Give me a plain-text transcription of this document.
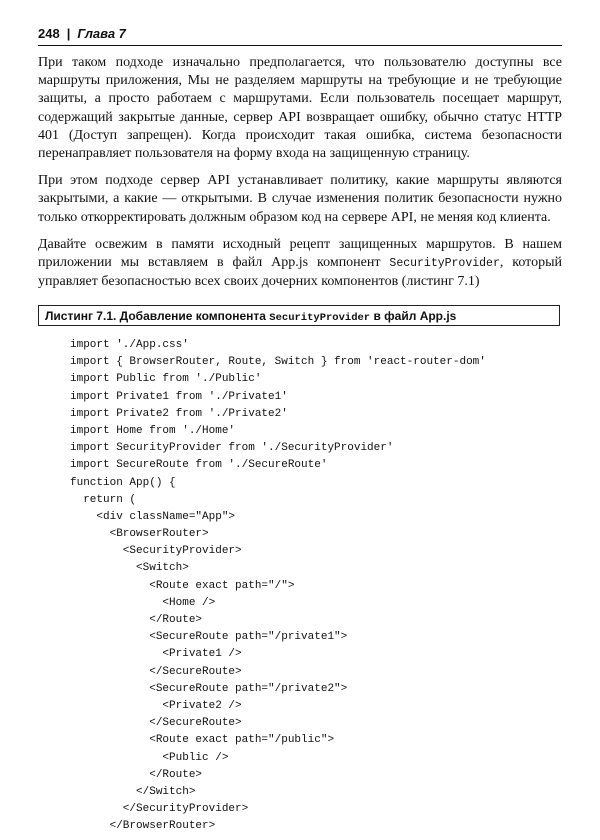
248 | Глава 7

При таком подходе изначально предполагается, что пользователю доступны все маршруты приложения, Мы не разделяем маршруты на требующие и не требующие защиты, а просто работаем с маршрутами. Если пользователь посещает маршрут, содержащий закрытые данные, сервер API возвращает ошибку, обычно статус HTTP 401 (Доступ запрещен). Когда происходит такая ошибка, система безопасности перенаправляет пользователя на форму входа на защищенную страницу.

При этом подходе сервер API устанавливает политику, какие маршруты являются закрытыми, а какие — открытыми. В случае изменения политик безопасности нужно только откорректировать должным образом код на сервере API, не меняя код клиента.

Давайте освежим в памяти исходный рецепт защищенных маршрутов. В нашем приложении мы вставляем в файл App.js компонент SecurityProvider, который управляет безопасностью всех своих дочерних компонентов (листинг 7.1)

Листинг 7.1. Добавление компонента SecurityProvider в файл App.js
import './App.css'
import { BrowserRouter, Route, Switch } from 'react-router-dom'
import Public from './Public'
import Private1 from './Private1'
import Private2 from './Private2'
import Home from './Home'
import SecurityProvider from './SecurityProvider'
import SecureRoute from './SecureRoute'
function App() {
return (
<div className="App">
<BrowserRouter>
<SecurityProvider>
<Switch>
<Route exact path="/">
<Home />
</Route>
<SecureRoute path="/private1">
<Private1 />
</SecureRoute>
<SecureRoute path="/private2">
<Private2 />
</SecureRoute>
<Route exact path="/public">
<Public />
</Route>
</Switch>
</SecurityProvider>
</BrowserRouter>
